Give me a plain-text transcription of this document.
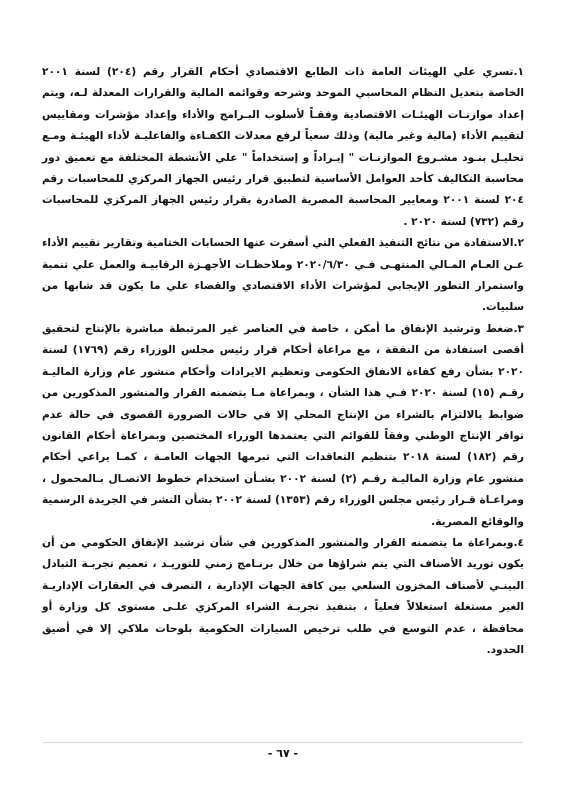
١.تسري علي الهيئات العامة ذات الطابع الاقتصادي أحكام القرار رقم (٢٠٤) لسنة ٢٠٠١ الخاصة بتعديل النظام المحاسبي الموحد وشرحه وقوائمه المالية والقرارات المعدلة لـه، ويتم إعداد موازنـات الهيئـات الاقتصادية وفقـاً لأسلوب البـرامج والأداء وإعداد مؤشرات ومقاييس لتقييم الأداء (مالية وغير مالية) وذلك سعياً لرفع معدلات الكفـاءة والفاعليـة لأداء الهيئـة ومـع تحليـل بنـود مشـروع الموازنـات " إيـراداً و إستخداماً " علي الأنشطة المختلفة مع تعميق دور محاسبة التكاليف كأحد العوامل الأساسية لتطبيق قرار رئيس الجهاز المركزي للمحاسبات رقم ٢٠٤ لسنة ٢٠٠١ ومعايير المحاسبة المصرية الصادرة بقرار رئيس الجهاز المركزي للمحاسبات رقم (٧٣٢) لسنة ٢٠٢٠ .

٢.الاستفادة من نتائج التنفيذ الفعلي التي أسفرت عنها الحسابات الختامية وتقارير تقييم الأداء عـن العـام المـالي المنتهـى فـي ٢٠٢٠/٦/٣٠ وملاحظـات الأجهـزة الرقابيـة والعمل علي تنمية واستمرار التطور الإيجابي لمؤشرات الأداء الاقتصادي والقضاء علي ما يكون قد شابها من سلبيات.

٣.ضغط وترشيد الإنفاق ما أمكن ، خاصة في العناصر غير المرتبطة مباشرة بالإنتاج لتحقيق أقصى استفادة من النفقة ، مع مراعاة أحكام قرار رئيس مجلس الوزراء رقم (١٧٦٩) لسنة ٢٠٢٠ بشأن رفع كفاءة الانفاق الحكومى وتعظيم الايرادات وأحكام منشور عام وزارة الماليـة رقـم (١٥) لسنة ٢٠٢٠ فـي هذا الشأن ، وبمراعاة مـا يتضمنه القرار والمنشور المذكورين من ضوابط بالالتزام بالشراء من الإنتاج المحلي إلا في حالات الضرورة القصوى في حالة عدم توافر الإنتاج الوطني وفقاً للقوائم التي يعتمدها الوزراء المختصين وبمراعاة أحكام القانون رقم (١٨٢) لسنة ٢٠١٨ بتنظيم التعاقدات التي تبرمها الجهات العامـة ، كمـا يراعي أحكام منشور عام وزارة الماليـة رقـم (٢) لسنة ٢٠٠٢ بشـأن استخدام خطوط الاتصـال بـالمحمول ، ومراعـاة قـرار رئيس مجلس الوزراء رقم (١٣٥٣) لسنة ٢٠٠٢ بشأن النشر في الجريدة الرسمية والوقائع المصرية.

٤.وبمراعاة ما يتضمنه القرار والمنشور المذكورين في شأن ترشيد الإنفاق الحكومي من أن يكون توريد الأصناف التي يتم شراؤها من خلال برنـامج زمني للتوريـد ، تعميم تجربـة التبادل البينـي لأصناف المخزون السلعي بين كافة الجهات الإدارية ، التصرف في العقارات الإداريـة الغير مستغلة استغلالاً فعلياً ، بتنفيذ تجربـة الشراء المركزي علـى مستوى كل وزارة أو محافظة ، عدم التوسع في طلب ترخيص السيارات الحكومية بلوحات ملاكي إلا في أضيق الحدود.

- ٦٧ -
